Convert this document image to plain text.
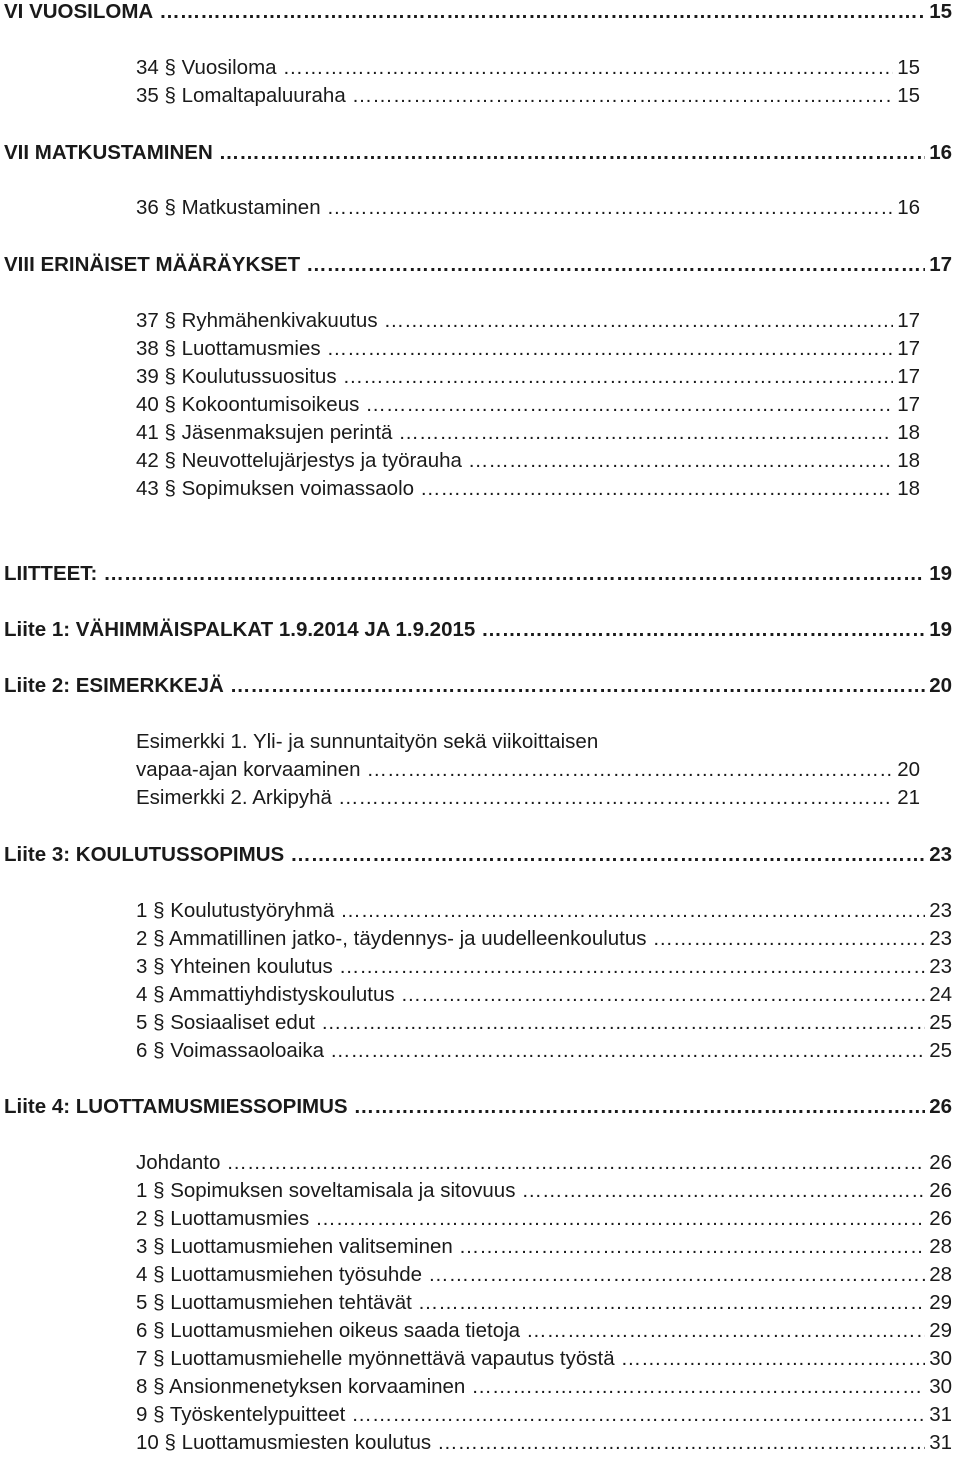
VI VUOSILOMA …………………………………………………………………………………………………………………………………………………………………………………………………	15
34 § Vuosiloma …………………………………………………………………………………………………………………………………………………………………………………………………	15
35 § Lomaltapaluuraha …………………………………………………………………………………………………………………………………………………………………………………………………	15
VII MATKUSTAMINEN …………………………………………………………………………………………………………………………………………………………………………………………………	16
36 § Matkustaminen …………………………………………………………………………………………………………………………………………………………………………………………………	16
VIII ERINÄISET MÄÄRÄYKSET …………………………………………………………………………………………………………………………………………………………………………………………………	17
37 § Ryhmähenkivakuutus …………………………………………………………………………………………………………………………………………………………………………………………………	17
38 § Luottamusmies …………………………………………………………………………………………………………………………………………………………………………………………………	17
39 § Koulutussuositus …………………………………………………………………………………………………………………………………………………………………………………………………	17
40 § Kokoontumisoikeus …………………………………………………………………………………………………………………………………………………………………………………………………	17
41 § Jäsenmaksujen perintä …………………………………………………………………………………………………………………………………………………………………………………………………	18
42 § Neuvottelujärjestys ja työrauha …………………………………………………………………………………………………………………………………………………………………………………………………	18
43 § Sopimuksen voimassaolo …………………………………………………………………………………………………………………………………………………………………………………………………	18
LIITTEET: …………………………………………………………………………………………………………………………………………………………………………………………………	19
Liite 1: VÄHIMMÄISPALKAT 1.9.2014 JA 1.9.2015 …………………………………………………………………………………………………………………………………………………………………………………………………	19
Liite 2: ESIMERKKEJÄ …………………………………………………………………………………………………………………………………………………………………………………………………	20
Esimerkki 1. Yli- ja sunnuntaityön sekä viikoittaisen
vapaa-ajan korvaaminen …………………………………………………………………………………………………………………………………………………………………………………………………	20
Esimerkki 2. Arkipyhä …………………………………………………………………………………………………………………………………………………………………………………………………	21
Liite 3: KOULUTUSSOPIMUS …………………………………………………………………………………………………………………………………………………………………………………………………	23
1 § Koulutustyöryhmä …………………………………………………………………………………………………………………………………………………………………………………………………	23
2 § Ammatillinen jatko-, täydennys- ja uudelleenkoulutus …………………………………………………………………………………………………………………………………………………………………………………………………	23
3 § Yhteinen koulutus …………………………………………………………………………………………………………………………………………………………………………………………………	23
4 § Ammattiyhdistyskoulutus …………………………………………………………………………………………………………………………………………………………………………………………………	24
5 § Sosiaaliset edut …………………………………………………………………………………………………………………………………………………………………………………………………	25
6 § Voimassaoloaika …………………………………………………………………………………………………………………………………………………………………………………………………	25
Liite 4: LUOTTAMUSMIESSOPIMUS …………………………………………………………………………………………………………………………………………………………………………………………………	26
Johdanto …………………………………………………………………………………………………………………………………………………………………………………………………	26
1 § Sopimuksen soveltamisala ja sitovuus …………………………………………………………………………………………………………………………………………………………………………………………………	26
2 § Luottamusmies …………………………………………………………………………………………………………………………………………………………………………………………………	26
3 § Luottamusmiehen valitseminen …………………………………………………………………………………………………………………………………………………………………………………………………	28
4 § Luottamusmiehen työsuhde …………………………………………………………………………………………………………………………………………………………………………………………………	28
5 § Luottamusmiehen tehtävät …………………………………………………………………………………………………………………………………………………………………………………………………	29
6 § Luottamusmiehen oikeus saada tietoja …………………………………………………………………………………………………………………………………………………………………………………………………	29
7 § Luottamusmiehelle myönnettävä vapautus työstä …………………………………………………………………………………………………………………………………………………………………………………………………	30
8 § Ansionmenetyksen korvaaminen …………………………………………………………………………………………………………………………………………………………………………………………………	30
9 § Työskentelypuitteet …………………………………………………………………………………………………………………………………………………………………………………………………	31
10 § Luottamusmiesten koulutus …………………………………………………………………………………………………………………………………………………………………………………………………	31
